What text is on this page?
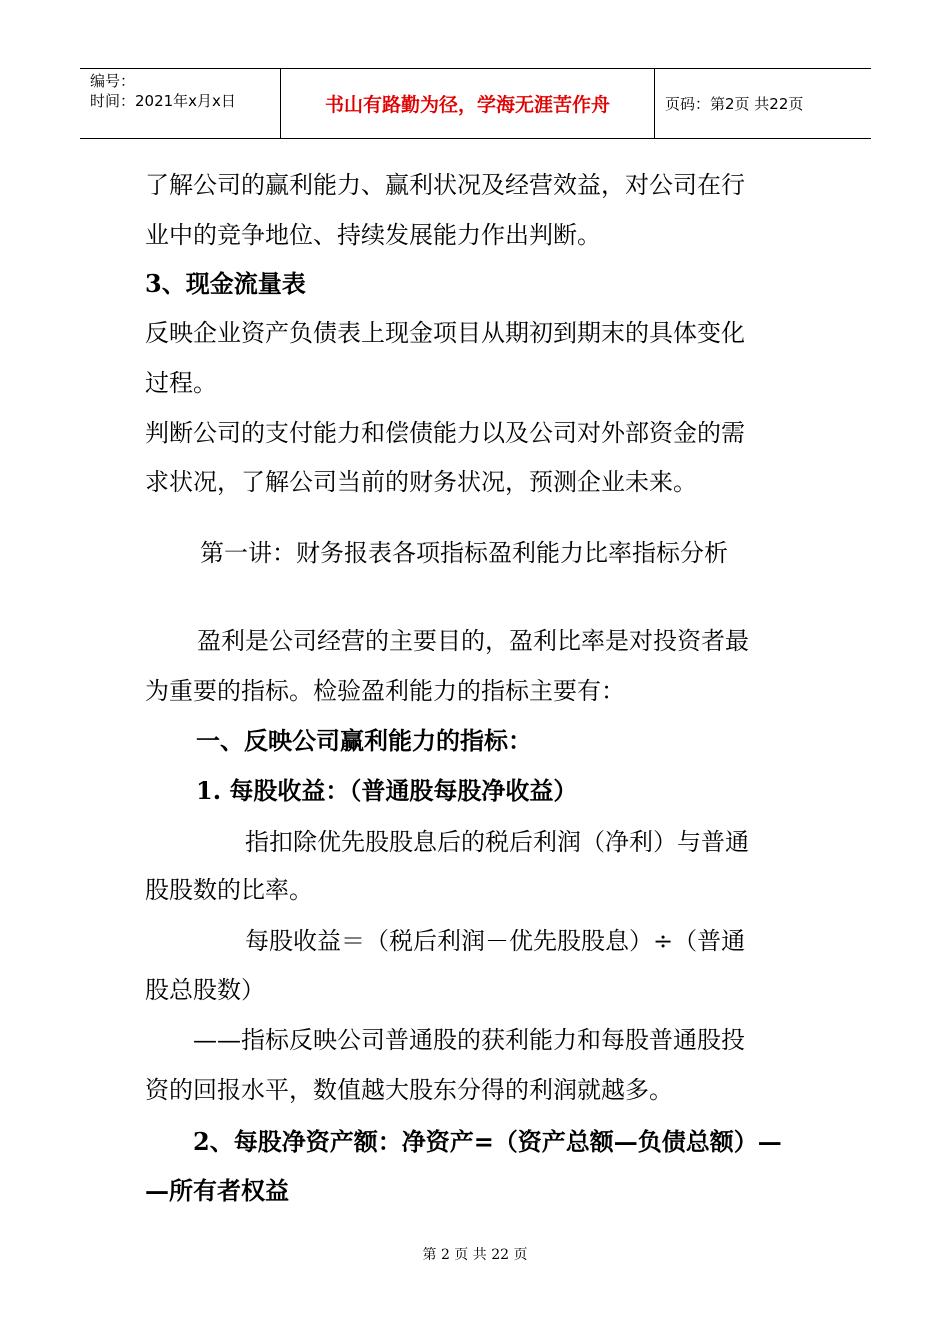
编号：
时间：2021年x月x日	书山有路勤为径，学海无涯苦作舟	页码：第2页 共22页
了解公司的赢利能力、赢利状况及经营效益，对公司在行
业中的竞争地位、持续发展能力作出判断。
3、现金流量表
反映企业资产负债表上现金项目从期初到期末的具体变化
过程。
判断公司的支付能力和偿债能力以及公司对外部资金的需
求状况，了解公司当前的财务状况，预测企业未来。
第一讲：财务报表各项指标盈利能力比率指标分析
盈利是公司经营的主要目的，盈利比率是对投资者最
为重要的指标。检验盈利能力的指标主要有：
一、反映公司赢利能力的指标：
1. 每股收益：（普通股每股净收益）
指扣除优先股股息后的税后利润（净利）与普通
股股数的比率。
每股收益＝（税后利润－优先股股息）÷（普通
股总股数）
——指标反映公司普通股的获利能力和每股普通股投
资的回报水平，数值越大股东分得的利润就越多。
2、每股净资产额：净资产=（资产总额—负债总额）—
—所有者权益
第 2 页 共 22 页
